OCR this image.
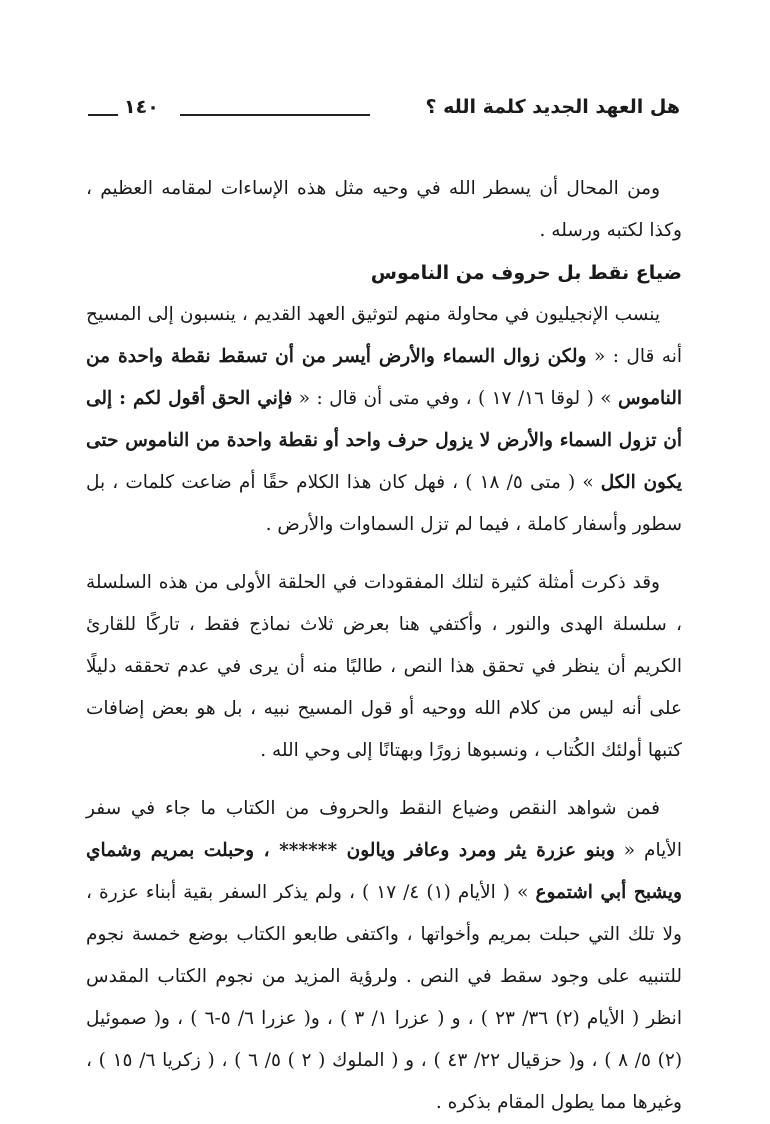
هل العهد الجديد كلمة الله ؟
١٤٠

ومن المحال أن يسطر الله في وحيه مثل هذه الإساءات لمقامه العظيم ، وكذا لكتبه ورسله .

ضياع نقط بل حروف من الناموس

ينسب الإنجيليون في محاولة منهم لتوثيق العهد القديم ، ينسبون إلى المسيح أنه قال : « ولكن زوال السماء والأرض أيسر من أن تسقط نقطة واحدة من الناموس » ( لوقا ١٦/ ١٧ ) ، وفي متى أن قال : « فإني الحق أقول لكم : إلى أن تزول السماء والأرض لا يزول حرف واحد أو نقطة واحدة من الناموس حتى يكون الكل » ( متى ٥/ ١٨ ) ، فهل كان هذا الكلام حقًا أم ضاعت كلمات ، بل سطور وأسفار كاملة ، فيما لم تزل السماوات والأرض .

وقد ذكرت أمثلة كثيرة لتلك المفقودات في الحلقة الأولى من هذه السلسلة ، سلسلة الهدى والنور ، وأكتفي هنا بعرض ثلاث نماذج فقط ، تاركًا للقارئ الكريم أن ينظر في تحقق هذا النص ، طالبًا منه أن يرى في عدم تحققه دليلًا على أنه ليس من كلام الله ووحيه أو قول المسيح نبيه ، بل هو بعض إضافات كتبها أولئك الكُتاب ، ونسبوها زورًا وبهتانًا إلى وحي الله .

فمن شواهد النقص وضياع النقط والحروف من الكتاب ما جاء في سفر الأيام « وبنو عزرة يثر ومرد وعافر ويالون ****** ، وحبلت بمريم وشماي ويشبح أبي اشتموع » ( الأيام (١) ٤/ ١٧ ) ، ولم يذكر السفر بقية أبناء عزرة ، ولا تلك التي حبلت بمريم وأخواتها ، واكتفى طابعو الكتاب بوضع خمسة نجوم للتنبيه على وجود سقط في النص . ولرؤية المزيد من نجوم الكتاب المقدس انظر ( الأيام (٢) ٣٦/ ٢٣ ) ، و ( عزرا ١/ ٣ ) ، و( عزرا ٦/ ٥-٦ ) ، و( صموئيل (٢) ٥/ ٨ ) ، و( حزقيال ٢٢/ ٤٣ ) ، و ( الملوك ( ٢ ) ٥/ ٦ ) ، ( زكريا ٦/ ١٥ ) ، وغيرها مما يطول المقام بذكره .
